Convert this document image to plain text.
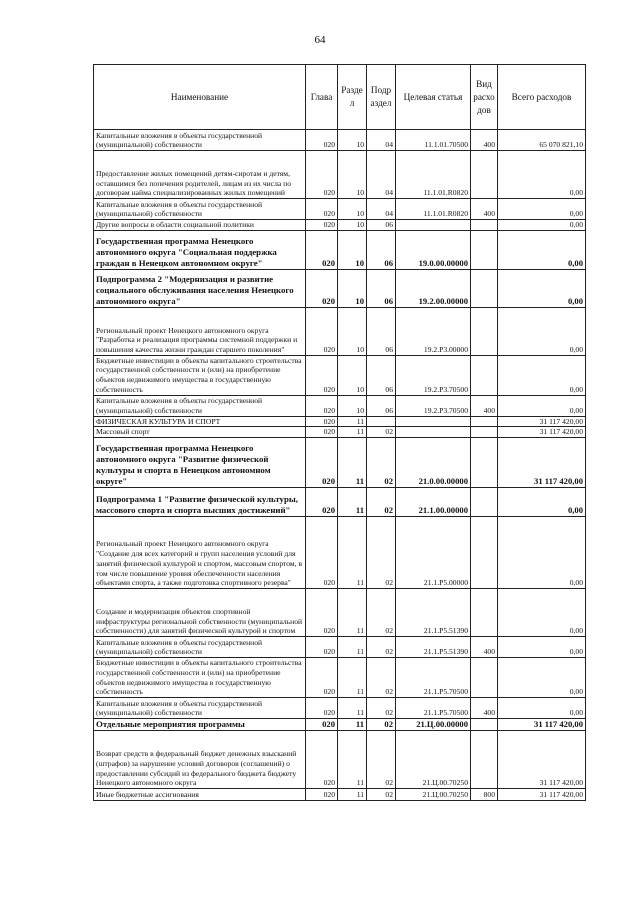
64
Наименование	Глава	Разде л	Подр аздел	Целевая статья	Вид расхо дов	Всего расходов
Капитальные вложения в объекты государственной (муниципальной) собственности	020	10	04	11.1.01.70500	400	65 070 821,10
Предоставление жилых помещений детям-сиротам и детям, оставшимся без попечения родителей, лицам из их числа по договорам найма специализированных жилых помещений	020	10	04	11.1.01.R0820		0,00
Капитальные вложения в объекты государственной (муниципальной) собственности	020	10	04	11.1.01.R0820	400	0,00
Другие вопросы в области социальной политики	020	10	06			0,00
Государственная программа Ненецкого автономного округа "Социальная поддержка граждан в Ненецком автономном округе"	020	10	06	19.0.00.00000		0,00
Подпрограмма 2 "Модернизация и развитие социального обслуживания населения Ненецкого автономного округа"	020	10	06	19.2.00.00000		0,00
Региональный проект Ненецкого автономного округа "Разработка и реализация программы системной поддержки и повышения качества жизни граждан старшего поколения"	020	10	06	19.2.P3.00000		0,00
Бюджетные инвестиции в объекты капитального строительства государственной собственности и (или) на приобретение объектов недвижимого имущества в государственную собственность	020	10	06	19.2.P3.70500		0,00
Капитальные вложения в объекты государственной (муниципальной) собственности	020	10	06	19.2.P3.70500	400	0,00
ФИЗИЧЕСКАЯ КУЛЬТУРА И СПОРТ	020	11				31 117 420,00
Массовый спорт	020	11	02			31 117 420,00
Государственная программа Ненецкого автономного округа "Развитие физической культуры и спорта в Ненецком автономном округе"	020	11	02	21.0.00.00000		31 117 420,00
Подпрограмма 1 "Развитие физической культуры, массового спорта и спорта высших достижений"	020	11	02	21.1.00.00000		0,00
Региональный проект Ненецкого автономного округа "Создание для всех категорий и групп населения условий для занятий физической культурой и спортом, массовым спортом, в том числе повышение уровня обеспеченности населения объектами спорта, а также подготовка спортивного резерва"	020	11	02	21.1.P5.00000		0,00
Создание и модернизация объектов спортивной инфраструктуры региональной собственности (муниципальной собственности) для занятий физической культурой и спортом	020	11	02	21.1.P5.51390		0,00
Капитальные вложения в объекты государственной (муниципальной) собственности	020	11	02	21.1.P5.51390	400	0,00
Бюджетные инвестиции в объекты капитального строительства государственной собственности и (или) на приобретение объектов недвижимого имущества в государственную собственность	020	11	02	21.1.P5.70500		0,00
Капитальные вложения в объекты государственной (муниципальной) собственности	020	11	02	21.1.P5.70500	400	0,00
Отдельные мероприятия программы	020	11	02	21.Ц.00.00000		31 117 420,00
Возврат средств в федеральный бюджет денежных взысканий (штрафов) за нарушение условий договоров (соглашений) о предоставлении субсидий из федерального бюджета бюджету Ненецкого автономного округа	020	11	02	21.Ц.00.70250		31 117 420,00
Иные бюджетные ассигнования	020	11	02	21.Ц.00.70250	800	31 117 420,00
